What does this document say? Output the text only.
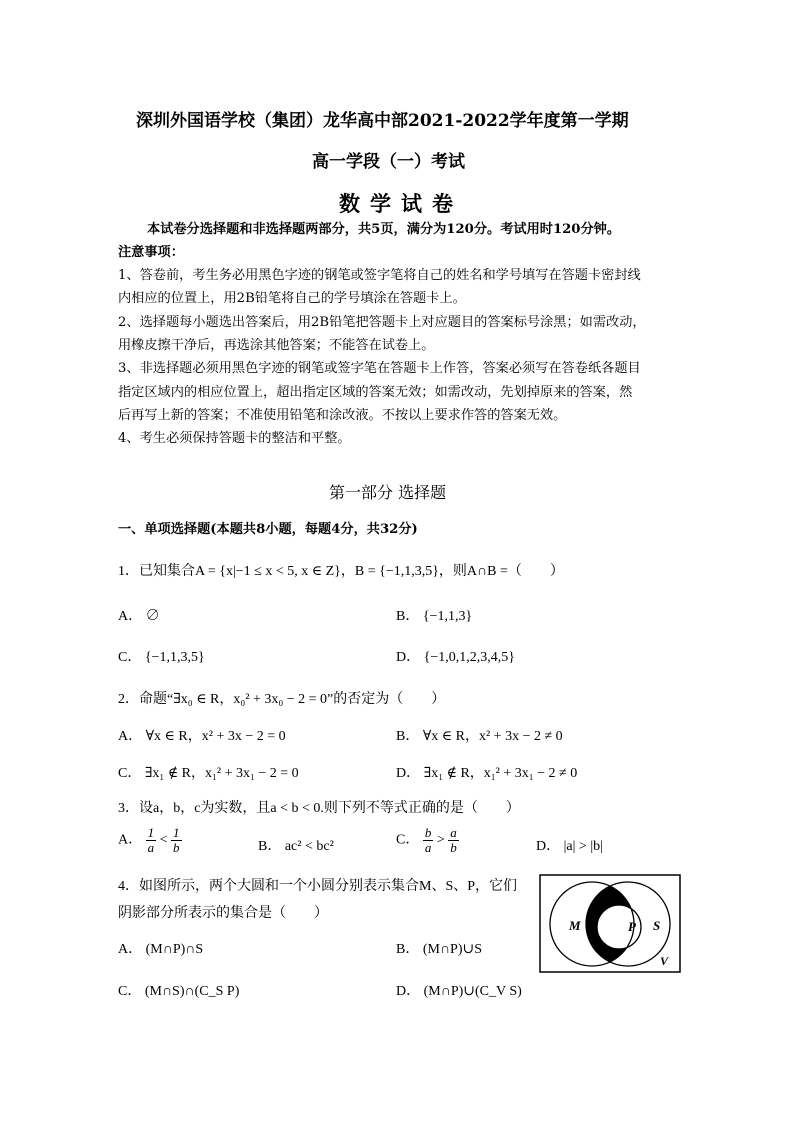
深圳外国语学校（集团）龙华高中部2021-2022学年度第一学期
高一学段（一）考试
数学试卷
本试卷分选择题和非选择题两部分，共5页，满分为120分。考试用时120分钟。
注意事项：
1、答卷前，考生务必用黑色字迹的钢笔或签字笔将自己的姓名和学号填写在答题卡密封线
内相应的位置上，用2B铅笔将自己的学号填涂在答题卡上。
2、选择题每小题选出答案后，用2B铅笔把答题卡上对应题目的答案标号涂黑；如需改动，
用橡皮擦干净后，再选涂其他答案；不能答在试卷上。
3、非选择题必须用黑色字迹的钢笔或签字笔在答题卡上作答，答案必须写在答卷纸各题目
指定区域内的相应位置上，超出指定区域的答案无效；如需改动，先划掉原来的答案，然
后再写上新的答案；不准使用铅笔和涂改液。不按以上要求作答的答案无效。
4、考生必须保持答题卡的整洁和平整。
第一部分 选择题
一、单项选择题(本题共8小题，每题4分，共32分)
1．已知集合A = {x|−1 ≤ x < 5, x ∈ Z}，B = {−1,1,3,5}，则A∩B =（　　）
A． ∅	B． {−1,1,3}
C． {−1,1,3,5}	D． {−1,0,1,2,3,4,5}
2．命题“∃x₀ ∈ R，x₀² + 3x₀ − 2 = 0”的否定为（　　）
A． ∀x ∈ R，x² + 3x − 2 = 0	B． ∀x ∈ R，x² + 3x − 2 ≠ 0
C． ∃x₁ ∉ R，x₁² + 3x₁ − 2 = 0	D． ∃x₁ ∉ R，x₁² + 3x₁ − 2 ≠ 0
3．设a，b，c为实数，且a < b < 0.则下列不等式正确的是（　　）
A． $\frac{1}{a} < \frac{1}{b}$	B． ac² < bc²	C． $\frac{b}{a} > \frac{a}{b}$	D． |a| > |b|
4．如图所示，两个大圆和一个小圆分别表示集合M、S、P，它们
阴影部分所表示的集合是（　　）
A． (M∩P)∩S	B． (M∩P)∪S
C． (M∩S)∩(C_S P)	D． (M∩P)∪(C_V S)
M	P S
V
